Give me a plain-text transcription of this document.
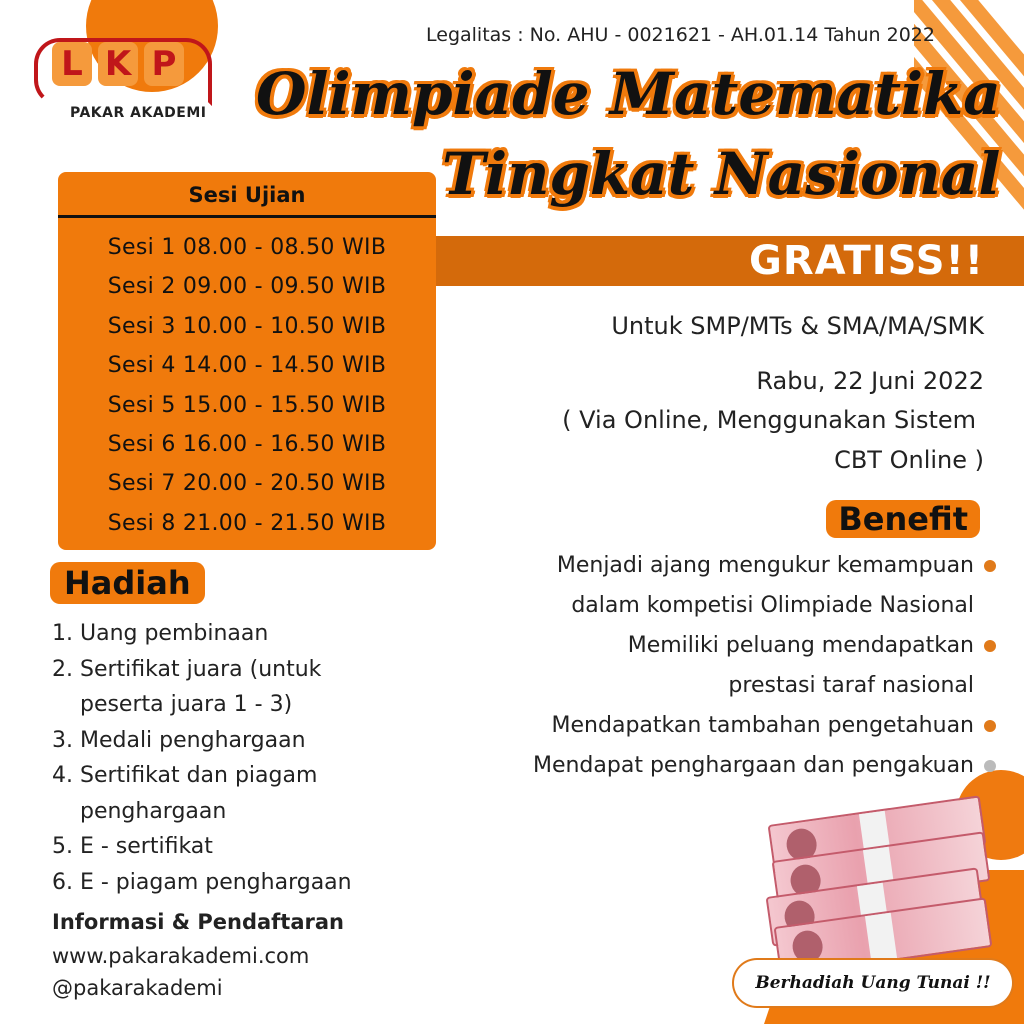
L K P
PAKAR AKADEMI
Legalitas : No. AHU - 0021621 - AH.01.14 Tahun 2022
Olimpiade Matematika
Tingkat Nasional
GRATISS!!
Sesi Ujian
Sesi 1 08.00 - 08.50 WIB
Sesi 2 09.00 - 09.50 WIB
Sesi 3 10.00 - 10.50 WIB
Sesi 4 14.00 - 14.50 WIB
Sesi 5 15.00 - 15.50 WIB
Sesi 6 16.00 - 16.50 WIB
Sesi 7 20.00 - 20.50 WIB
Sesi 8 21.00 - 21.50 WIB
Hadiah
1. Uang pembinaan
2. Sertifikat juara (untuk
peserta juara 1 - 3)
3. Medali penghargaan
4. Sertifikat dan piagam
penghargaan
5. E - sertifikat
6. E - piagam penghargaan
Informasi & Pendaftaran
www.pakarakademi.com
@pakarakademi
Untuk SMP/MTs & SMA/MA/SMK
Rabu, 22 Juni 2022
( Via Online, Menggunakan Sistem
CBT Online )
Benefit
Menjadi ajang mengukur kemampuan
dalam kompetisi Olimpiade Nasional
Memiliki peluang mendapatkan
prestasi taraf nasional
Mendapatkan tambahan pengetahuan
Mendapat penghargaan dan pengakuan
Berhadiah Uang Tunai !!
